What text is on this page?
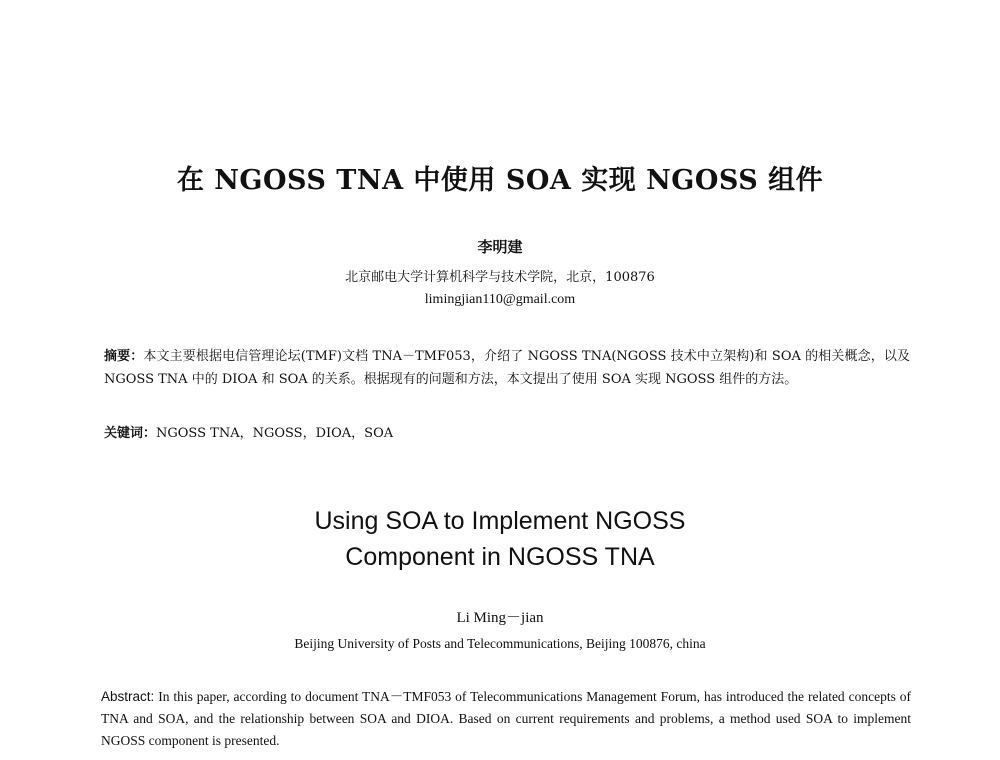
在 NGOSS TNA 中使用 SOA 实现 NGOSS 组件
李明建
北京邮电大学计算机科学与技术学院，北京，100876
limingjian110@gmail.com
摘要：本文主要根据电信管理论坛(TMF)文档 TNA－TMF053，介绍了 NGOSS TNA(NGOSS 技术中立架构)和 SOA 的相关概念，以及 NGOSS TNA 中的 DIOA 和 SOA 的关系。根据现有的问题和方法，本文提出了使用 SOA 实现 NGOSS 组件的方法。
关键词：NGOSS TNA，NGOSS，DIOA，SOA
Using SOA to Implement NGOSS
Component in NGOSS TNA
Li Ming－jian
Beijing University of Posts and Telecommunications, Beijing 100876, china
Abstract: In this paper, according to document TNA－TMF053 of Telecommunications Management Forum, has introduced the related concepts of TNA and SOA, and the relationship between SOA and DIOA. Based on current requirements and problems, a method used SOA to implement NGOSS component is presented.
